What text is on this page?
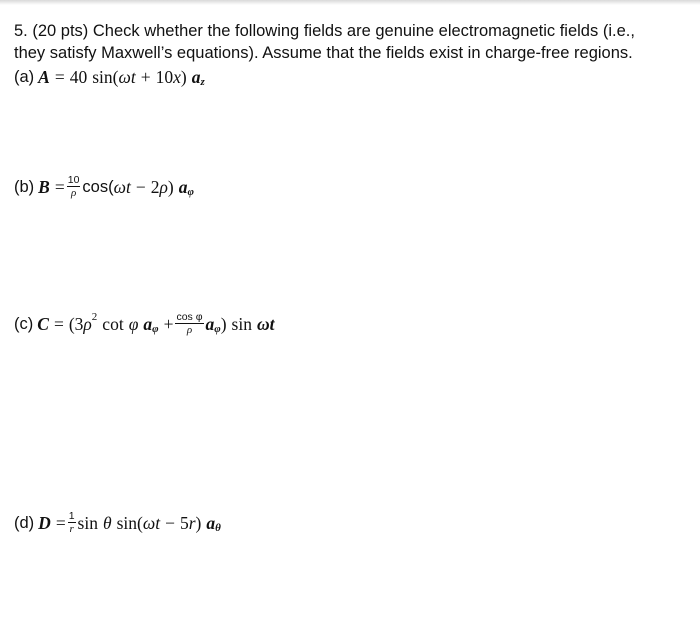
5. (20 pts) Check whether the following fields are genuine electromagnetic fields (i.e.,
they satisfy Maxwell’s equations). Assume that the fields exist in charge-free regions.
(a) A = 40 sin( ω t + 10 x ) a z
(b) $B = \frac{10}{\rho} \cos$( ω t − 2 ρ ) a φ
(c) C = (3 ρ 2 cot φ a $\varphi + \frac{\text{cos φ}}{\rho}$ a φ ) sin ωt
(d) $D = \frac{1}{r}$ sin θ sin( ω t − 5 r ) a θ
